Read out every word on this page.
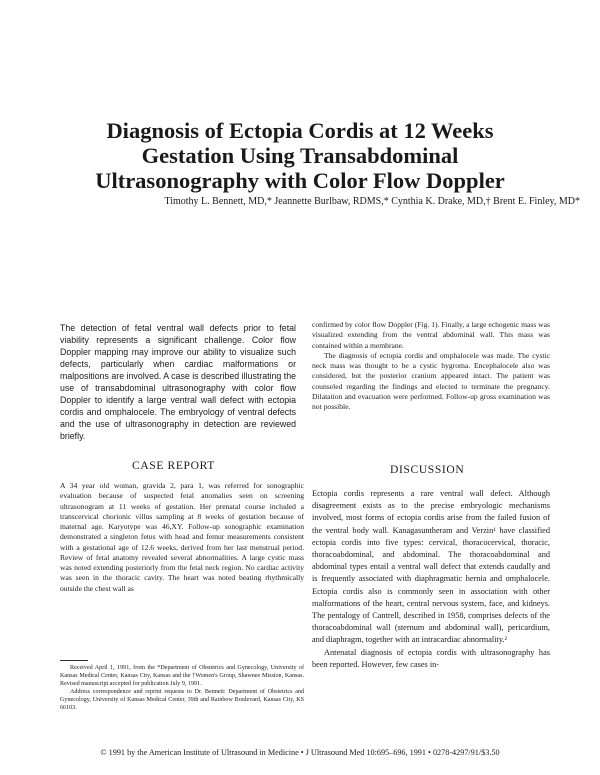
Diagnosis of Ectopia Cordis at 12 Weeks
Gestation Using Transabdominal
Ultrasonography with Color Flow Doppler
Timothy L. Bennett, MD,* Jeannette Burlbaw, RDMS,* Cynthia K. Drake, MD,† Brent E. Finley, MD*
The detection of fetal ventral wall defects prior to fetal viability represents a significant challenge. Color flow Doppler mapping may improve our ability to visualize such defects, particularly when cardiac malformations or malpositions are involved. A case is described illustrating the use of transabdominal ultrasonography with color flow Doppler to identify a large ventral wall defect with ectopia cordis and omphalocele. The embryology of ventral defects and the use of ultrasonography in detection are reviewed briefly.

confirmed by color flow Doppler (Fig. 1). Finally, a large echogenic mass was visualized extending from the ventral abdominal wall. This mass was contained within a membrane.

The diagnosis of ectopia cordis and omphalocele was made. The cystic neck mass was thought to be a cystic hygroma. Encephalocele also was considered, but the posterior cranium appeared intact. The patient was counseled regarding the findings and elected to terminate the pregnancy. Dilatation and evacuation were performed. Follow-up gross examination was not possible.

CASE REPORT

A 34 year old woman, gravida 2, para 1, was referred for sonographic evaluation because of suspected fetal anomalies seen on screening ultrasonogram at 11 weeks of gestation. Her prenatal course included a transcervical chorionic villus sampling at 8 weeks of gestation because of maternal age. Karyotype was 46,XY. Follow-up sonographic examination demonstrated a singleton fetus with head and femur measurements consistent with a gestational age of 12.6 weeks, derived from her last menstrual period. Review of fetal anatomy revealed several abnormalities. A large cystic mass was noted extending posteriorly from the fetal neck region. No cardiac activity was seen in the thoracic cavity. The heart was noted beating rhythmically outside the chest wall as

DISCUSSION

Ectopia cordis represents a rare ventral wall defect. Although disagreement exists as to the precise embryologic mechanisms involved, most forms of ectopia cordis arise from the failed fusion of the ventral body wall. Kanagasuntheram and Verzin¹ have classified ectopia cordis into five types: cervical, thoracocervical, thoracic, thoracoabdominal, and abdominal. The thoracoabdominal and abdominal types entail a ventral wall defect that extends caudally and is frequently associated with diaphragmatic hernia and omphalocele. Ectopia cordis also is commonly seen in association with other malformations of the heart, central nervous system, face, and kidneys. The pentalogy of Cantrell, described in 1958, comprises defects of the thoracoabdominal wall (sternum and abdominal wall), pericardium, and diaphragm, together with an intracardiac abnormality.²

Antenatal diagnosis of ectopia cordis with ultrasonography has been reported. However, few cases in-

Received April 1, 1991, from the *Department of Obstetrics and Gynecology, University of Kansas Medical Center, Kansas City, Kansas and the †Women's Group, Shawnee Mission, Kansas. Revised manuscript accepted for publication July 9, 1991.

Address correspondence and reprint requests to Dr. Bennett: Department of Obstetrics and Gynecology, University of Kansas Medical Center, 39th and Rainbow Boulevard, Kansas City, KS 66103.

© 1991 by the American Institute of Ultrasound in Medicine • J Ultrasound Med 10:695–696, 1991 • 0278-4297/91/$3.50
